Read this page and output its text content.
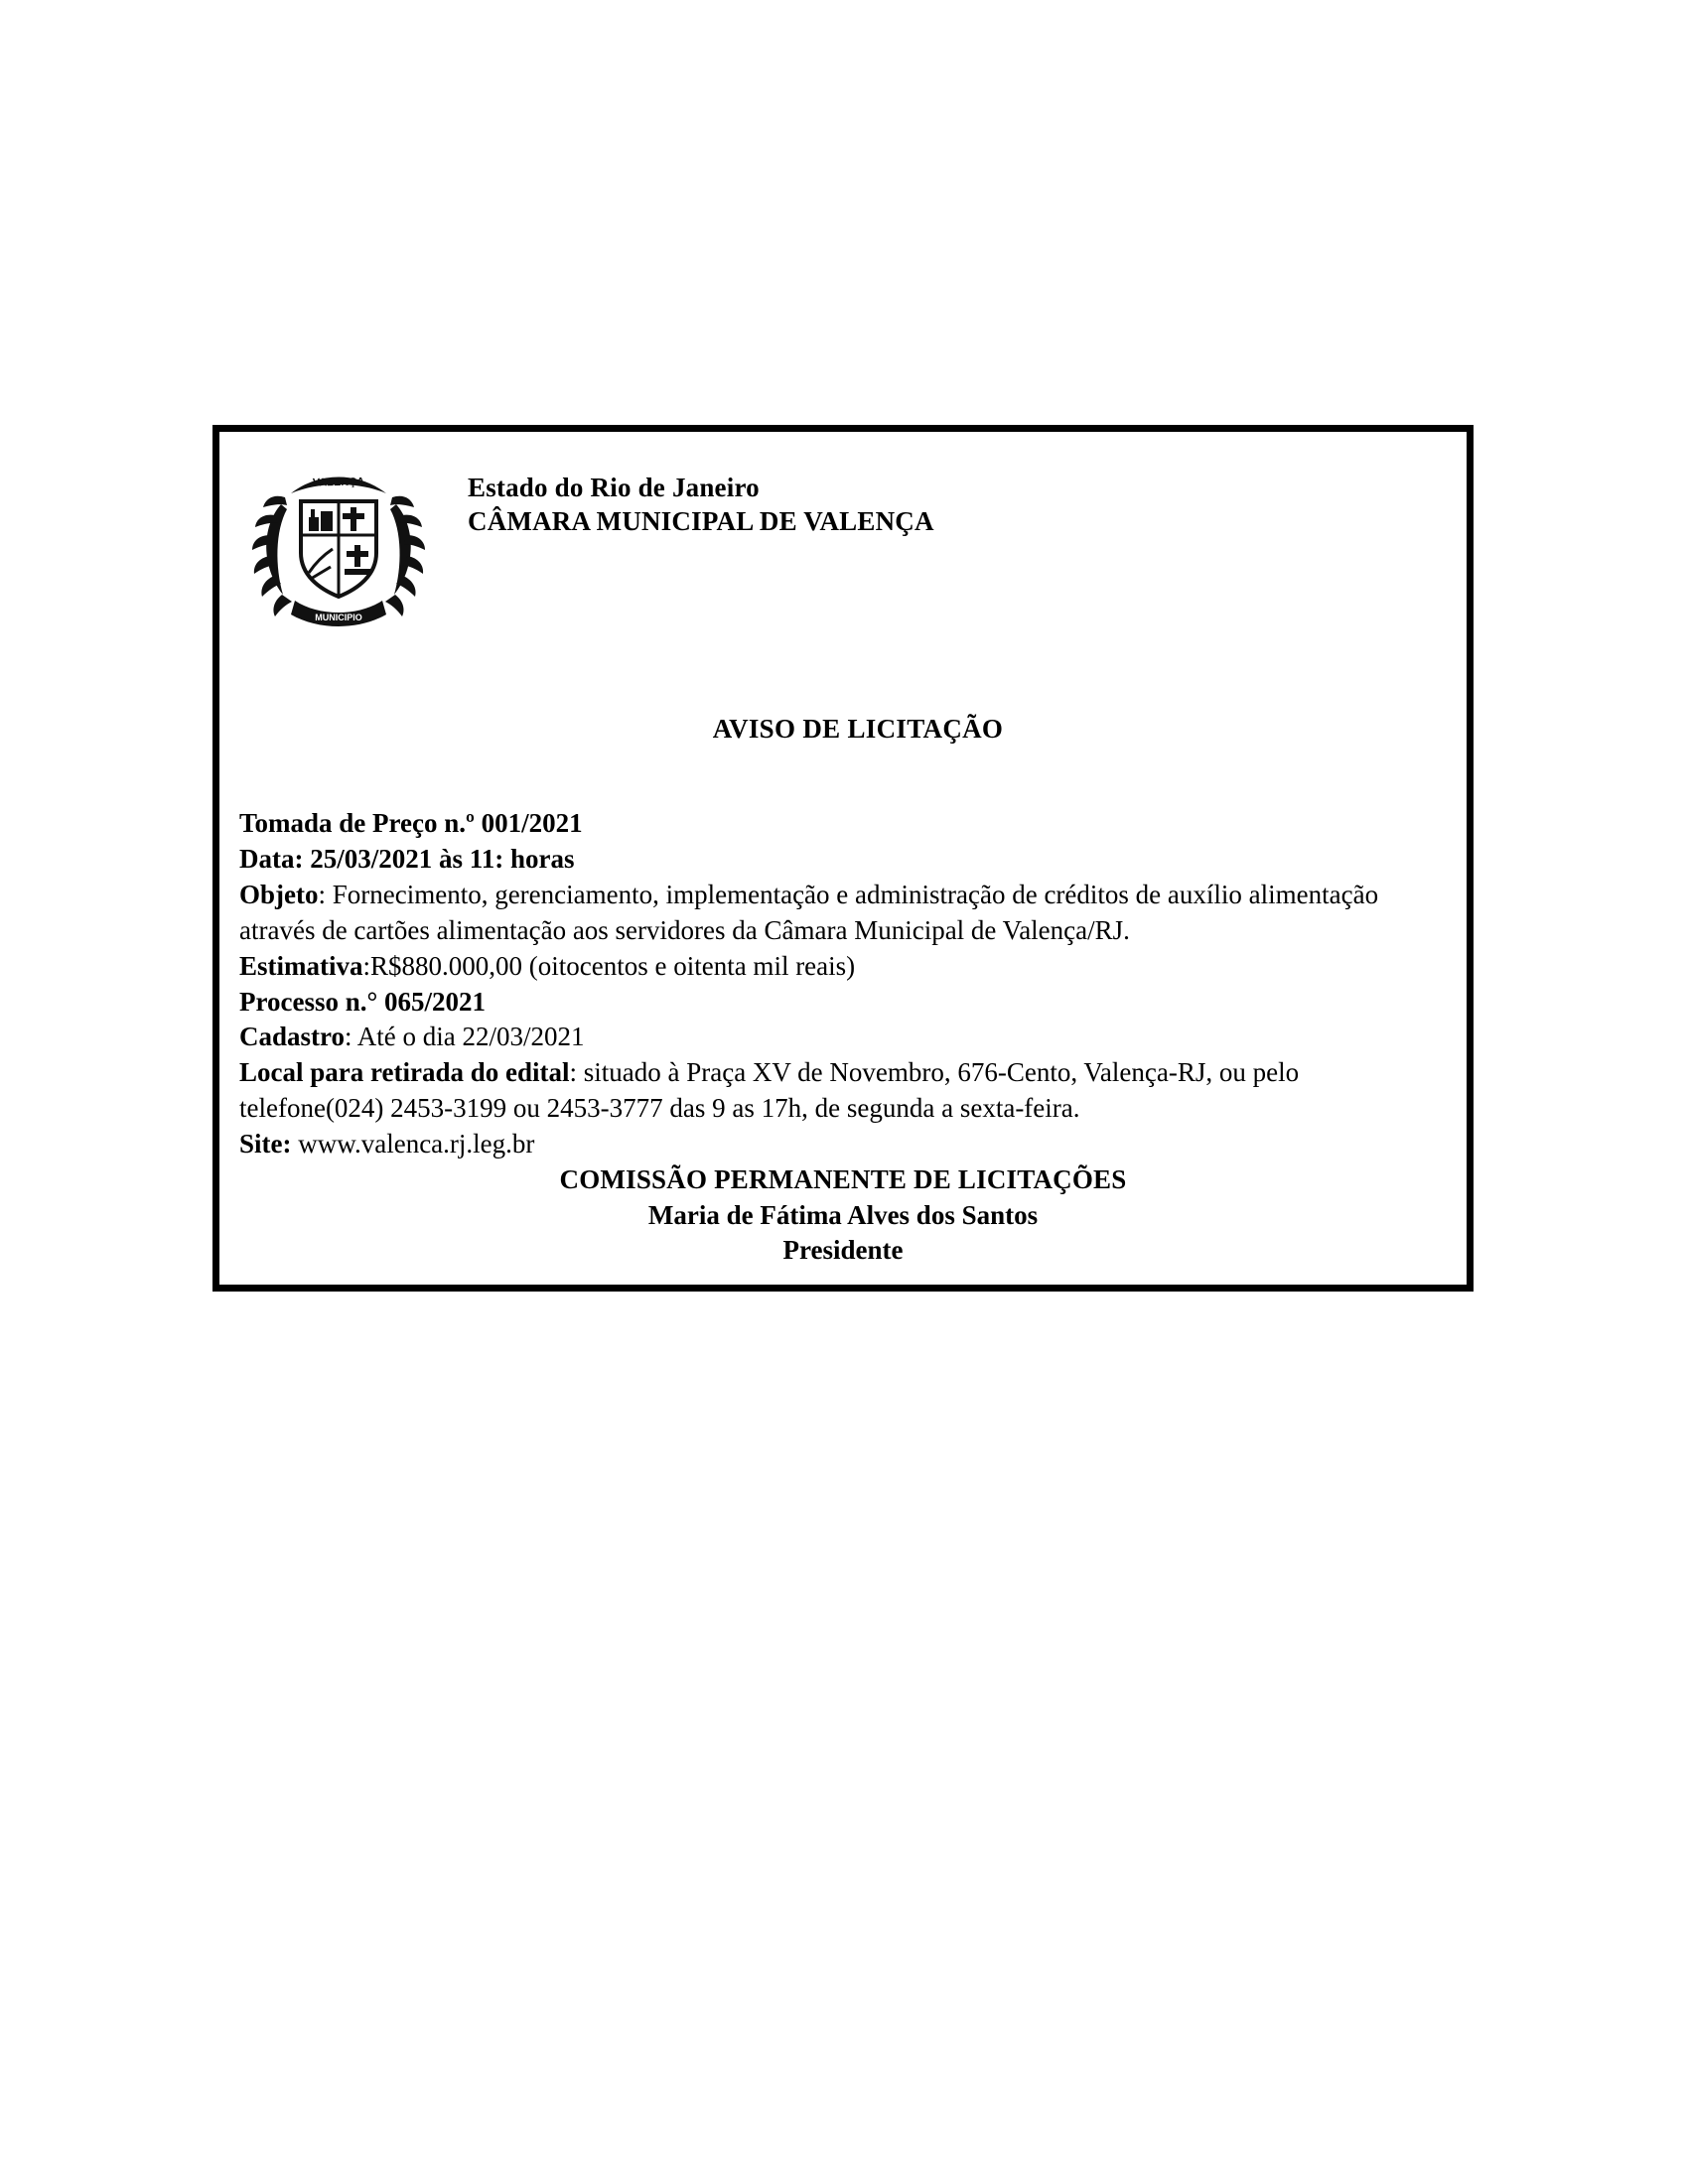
VALENÇA
MUNICIPIO
Estado do Rio de Janeiro
CÂMARA MUNICIPAL DE VALENÇA
AVISO DE LICITAÇÃO

Tomada de Preço n.º 001/2021

Data: 25/03/2021 às 11: horas

Objeto: Fornecimento, gerenciamento, implementação e administração de créditos de auxílio alimentação através de cartões alimentação aos servidores da Câmara Municipal de Valença/RJ.

Estimativa:R$880.000,00 (oitocentos e oitenta mil reais)

Processo n.° 065/2021

Cadastro: Até o dia 22/03/2021

Local para retirada do edital: situado à Praça XV de Novembro, 676-Cento, Valença-RJ, ou pelo telefone(024) 2453-3199 ou 2453-3777 das 9 as 17h, de segunda a sexta-feira.

Site: www.valenca.rj.leg.br

COMISSÃO PERMANENTE DE LICITAÇÕES

Maria de Fátima Alves dos Santos

Presidente
